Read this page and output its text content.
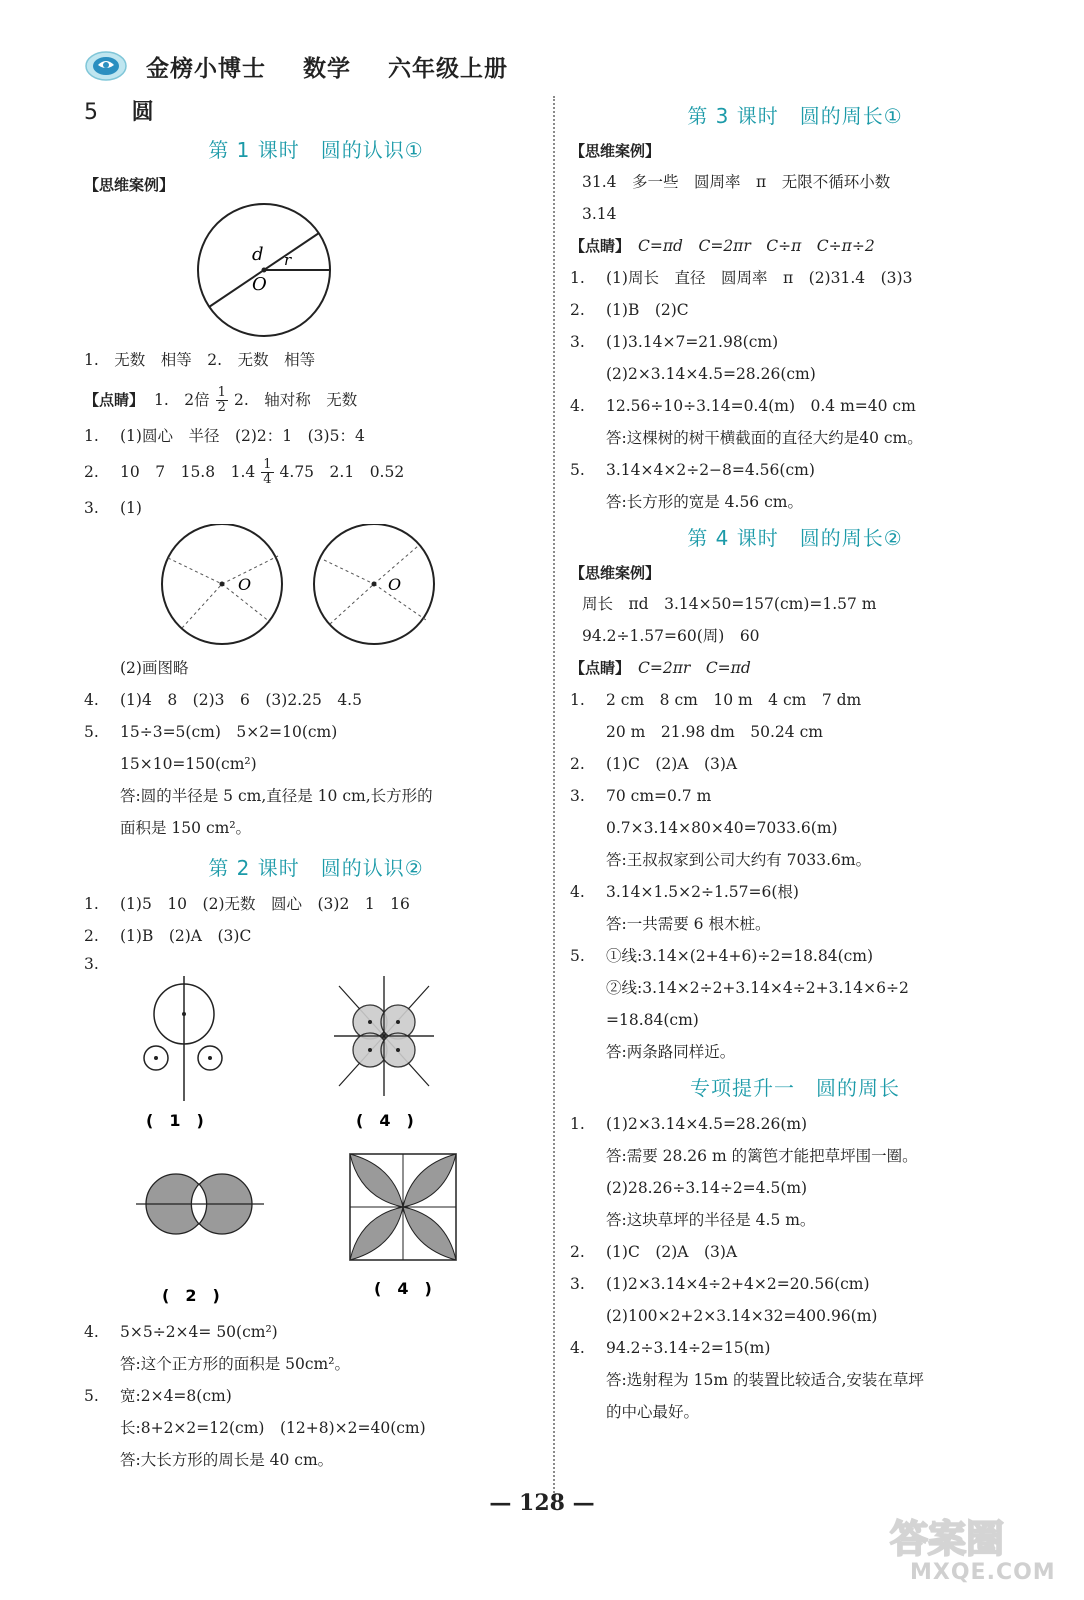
金榜小博士 数学 六年级上册
5 圆
第 1 课时　圆的认识①
【思维案例】
d r
O
1.　无数　相等　2.　无数　相等
【点睛】 1.　2倍 $\frac{1}{2} 2$.　轴对称　无数
1.	(1)圆心　半径　(2)2：1　(3)5：4
2.	10　7　15.8　$1.4 \frac{1}{4} 4.75$　2.1　0.52
3.	(1)
O	O
(2)画图略
4.	(1)4　8　(2)3　6　(3)2.25　4.5
5.	15÷3=5(cm)　5×2=10(cm)
15×10=150(cm²)
答:圆的半径是 5 cm,直径是 10 cm,长方形的
面积是 150 cm²。
第 2 课时　圆的认识②
1.	(1)5　10　(2)无数　圆心　(3)2　1　16
2.	(1)B　(2)A　(3)C
3.
(　1　)	(　4　)
(　2　)	(　4　)
4.	5×5÷2×4= 50(cm²)
答:这个正方形的面积是 50cm²。
5.	宽:2×4=8(cm)
长:8+2×2=12(cm)　(12+8)×2=40(cm)
答:大长方形的周长是 40 cm。
第 3 课时　圆的周长①
【思维案例】
31.4　多一些　圆周率　π　无限不循环小数
3.14
【点睛】 C=πd　C=2πr　C÷π　C÷π÷2
1.	(1)周长　直径　圆周率　π　(2)31.4　(3)3
2.	(1)B　(2)C
3.	(1)3.14×7=21.98(cm)
(2)2×3.14×4.5=28.26(cm)
4.	12.56÷10÷3.14=0.4(m)　0.4 m=40 cm
答:这棵树的树干横截面的直径大约是40 cm。
5.	3.14×4×2÷2−8=4.56(cm)
答:长方形的宽是 4.56 cm。
第 4 课时　圆的周长②
【思维案例】
周长　πd　3.14×50=157(cm)=1.57 m
94.2÷1.57=60(周)　60
【点睛】 C=2πr　C=πd
1.	2 cm　8 cm　10 m　4 cm　7 dm
20 m　21.98 dm　50.24 cm
2.	(1)C　(2)A　(3)A
3.	70 cm=0.7 m
0.7×3.14×80×40=7033.6(m)
答:王叔叔家到公司大约有 7033.6m。
4.	3.14×1.5×2÷1.57=6(根)
答:一共需要 6 根木桩。
5.	①线:3.14×(2+4+6)÷2=18.84(cm)
②线:3.14×2÷2+3.14×4÷2+3.14×6÷2
=18.84(cm)
答:两条路同样近。
专项提升一　圆的周长
1.	(1)2×3.14×4.5=28.26(m)
答:需要 28.26 m 的篱笆才能把草坪围一圈。
(2)28.26÷3.14÷2=4.5(m)
答:这块草坪的半径是 4.5 m。
2.	(1)C　(2)A　(3)A
3.	(1)2×3.14×4÷2+4×2=20.56(cm)
(2)100×2+2×3.14×32=400.96(m)
4.	94.2÷3.14÷2=15(m)
答:选射程为 15m 的装置比较适合,安装在草坪
的中心最好。
— 128 —
答案圈
MXQE.COM
